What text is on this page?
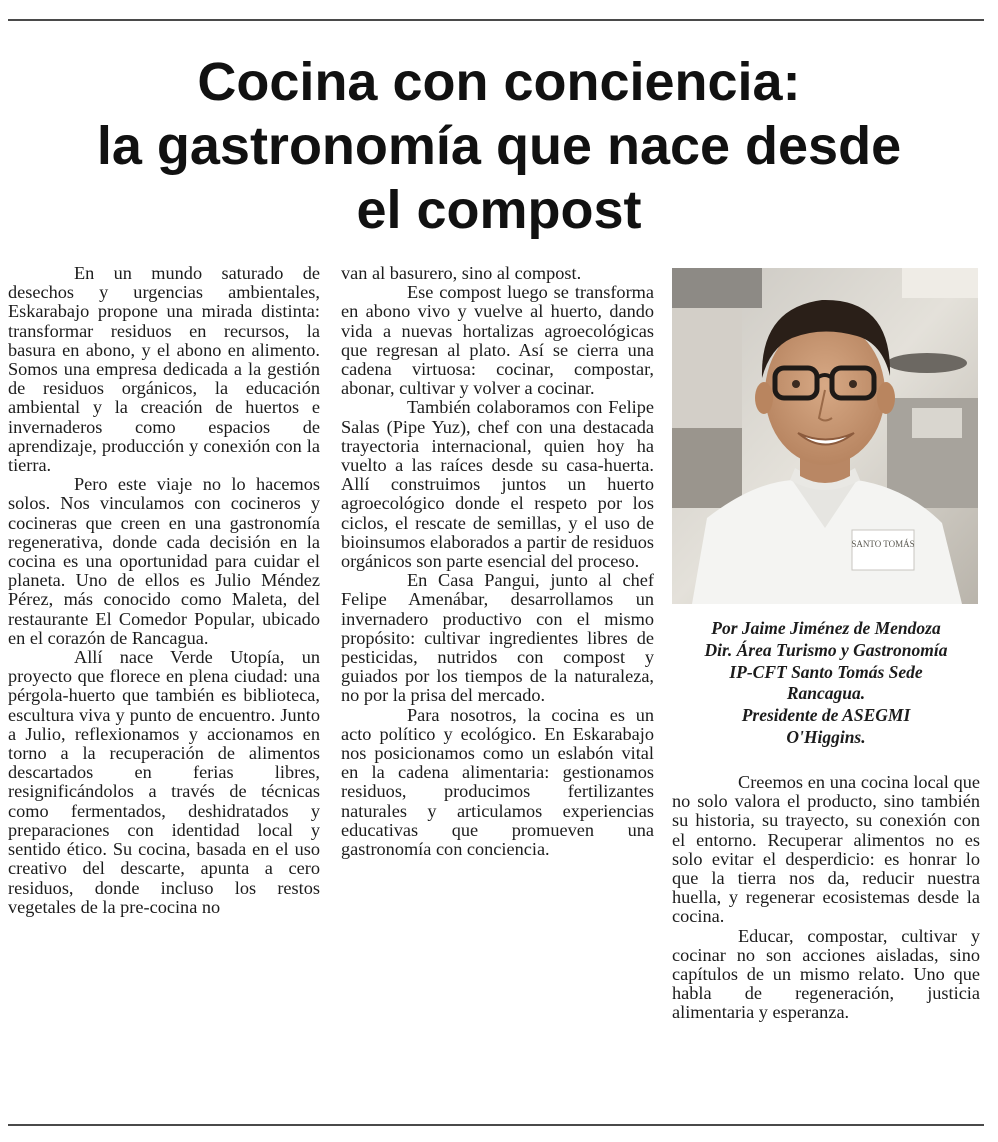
Cocina con conciencia:
la gastronomía que nace desde
el compost

En un mundo saturado de desechos y urgencias ambientales, Eskarabajo propone una mirada distinta: transformar residuos en recursos, la basura en abono, y el abono en alimento. Somos una empresa dedicada a la gestión de residuos orgánicos, la educación ambiental y la creación de huertos e invernaderos como espacios de aprendizaje, producción y conexión con la tierra.

Pero este viaje no lo hacemos solos. Nos vinculamos con cocineros y cocineras que creen en una gastronomía regenerativa, donde cada decisión en la cocina es una oportunidad para cuidar el planeta. Uno de ellos es Julio Méndez Pérez, más conocido como Maleta, del restaurante El Comedor Popular, ubicado en el corazón de Rancagua.

Allí nace Verde Utopía, un proyecto que florece en plena ciudad: una pérgola-huerto que también es biblioteca, escultura viva y punto de encuentro. Junto a Julio, reflexionamos y accionamos en torno a la recuperación de alimentos descartados en ferias libres, resignificándolos a través de técnicas como fermentados, deshidratados y preparaciones con identidad local y sentido ético. Su cocina, basada en el uso creativo del descarte, apunta a cero residuos, donde incluso los restos vegetales de la pre-cocina no

van al basurero, sino al compost.

Ese compost luego se transforma en abono vivo y vuelve al huerto, dando vida a nuevas hortalizas agroecológicas que regresan al plato. Así se cierra una cadena virtuosa: cocinar, compostar, abonar, cultivar y volver a cocinar.

También colaboramos con Felipe Salas (Pipe Yuz), chef con una destacada trayectoria internacional, quien hoy ha vuelto a las raíces desde su casa-huerta. Allí construimos juntos un huerto agroecológico donde el respeto por los ciclos, el rescate de semillas, y el uso de bioinsumos elaborados a partir de residuos orgánicos son parte esencial del proceso.

En Casa Pangui, junto al chef Felipe Amenábar, desarrollamos un invernadero productivo con el mismo propósito: cultivar ingredientes libres de pesticidas, nutridos con compost y guiados por los tiempos de la naturaleza, no por la prisa del mercado.

Para nosotros, la cocina es un acto político y ecológico. En Eskarabajo nos posicionamos como un eslabón vital en la cadena alimentaria: gestionamos residuos, producimos fertilizantes naturales y articulamos experiencias educativas que promueven una gastronomía con conciencia.

SANTO TOMÁS
Por Jaime Jiménez de Mendoza
Dir. Área Turismo y Gastronomía
IP-CFT Santo Tomás Sede
Rancagua.
Presidente de ASEGMI
O'Higgins.

Creemos en una cocina local que no solo valora el producto, sino también su historia, su trayecto, su conexión con el entorno. Recuperar alimentos no es solo evitar el desperdicio: es honrar lo que la tierra nos da, reducir nuestra huella, y regenerar ecosistemas desde la cocina.

Educar, compostar, cultivar y cocinar no son acciones aisladas, sino capítulos de un mismo relato. Uno que habla de regeneración, justicia alimentaria y esperanza.
